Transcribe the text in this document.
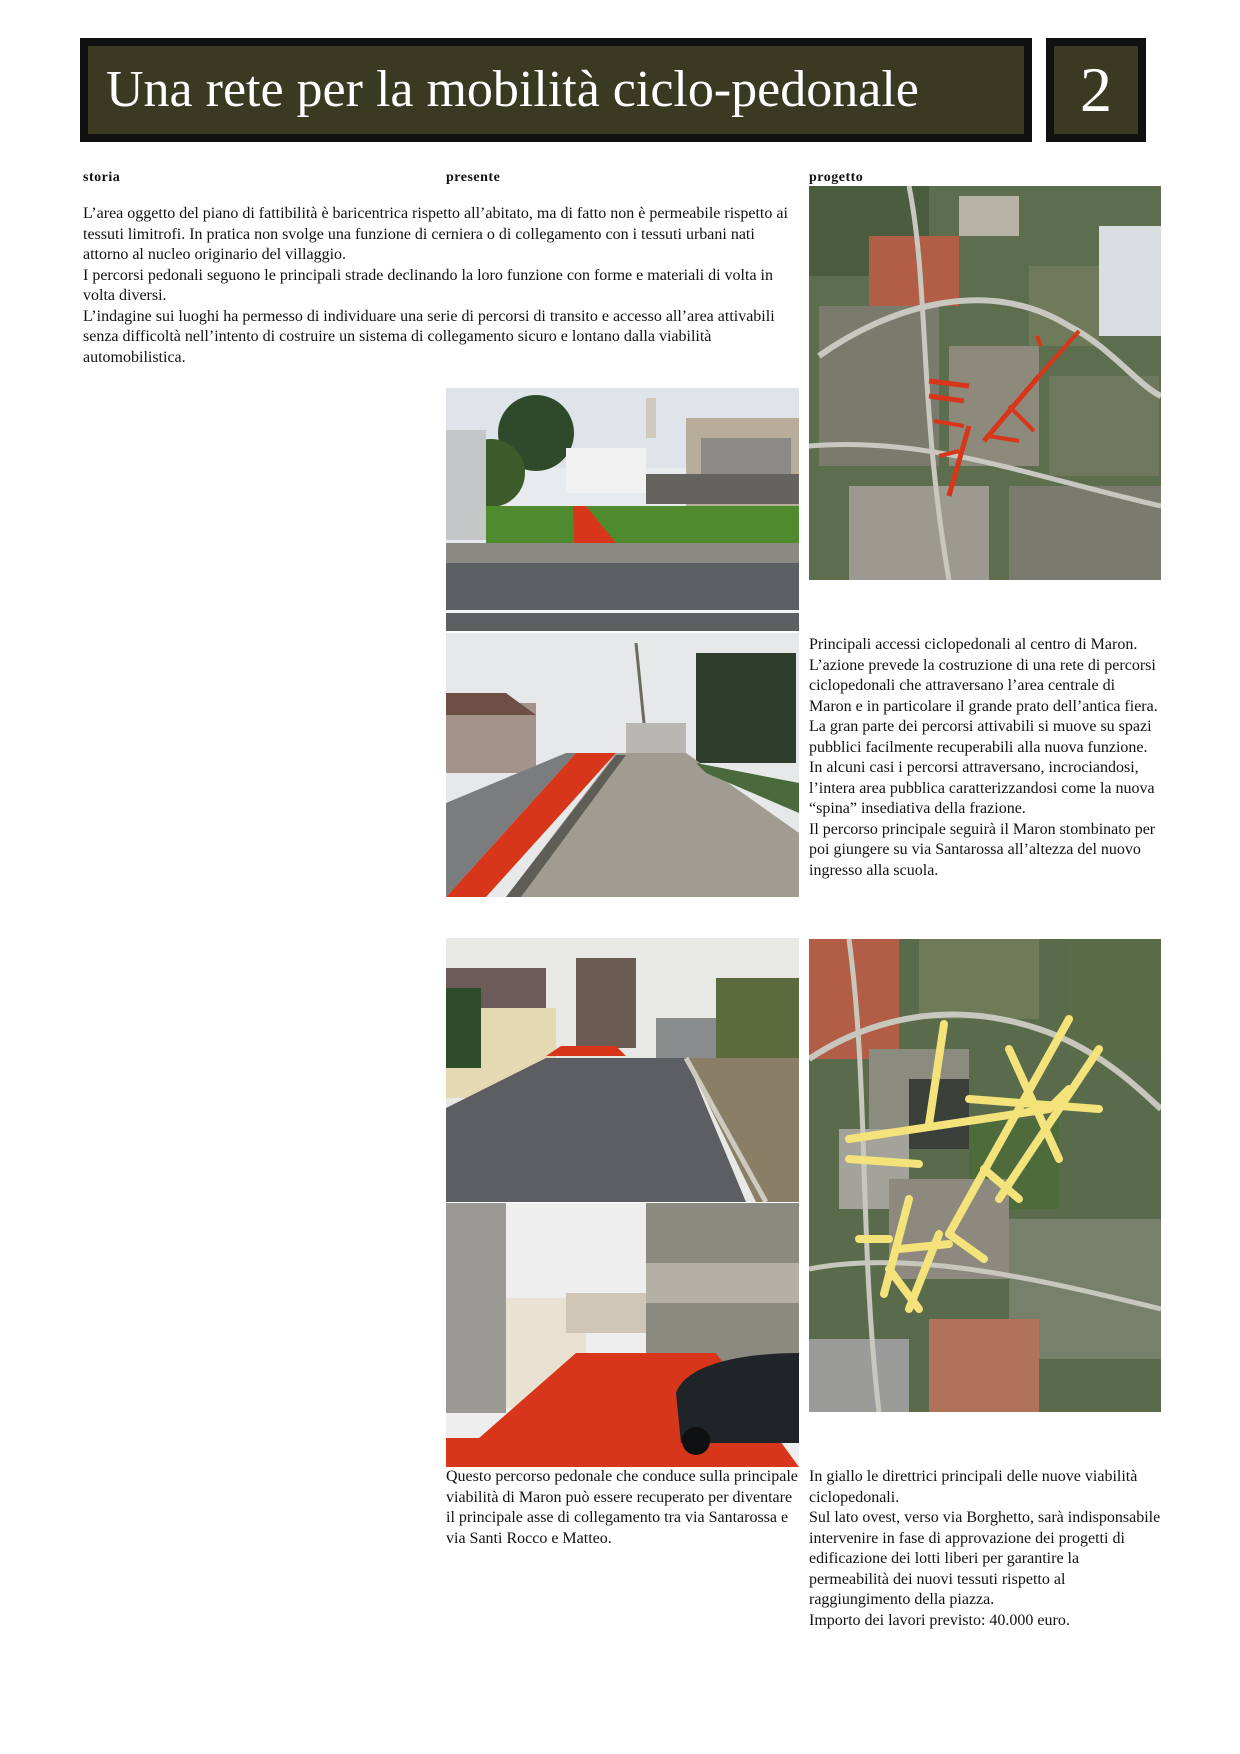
Una rete per la mobilità ciclo-pedonale	2
storia	presente	progetto

L’area oggetto del piano di fattibilità è baricentrica rispetto all’abitato, ma di fatto non è permeabile rispetto ai tessuti limitrofi. In pratica non svolge una funzione di cerniera o di collegamento con i tessuti urbani nati attorno al nucleo originario del villaggio.

I percorsi pedonali seguono le principali strade declinando la loro funzione con forme e materiali di volta in volta diversi.

L’indagine sui luoghi ha permesso di individuare una serie di percorsi di transito e accesso all’area attivabili senza difficoltà nell’intento di costruire un sistema di collegamento sicuro e lontano dalla viabilità automobilistica.

Questo percorso pedonale che conduce sulla principale viabilità di Maron può essere recuperato per diventare il principale asse di collegamento tra via Santarossa e via Santi Rocco e Matteo.

Principali accessi ciclopedonali al centro di Maron.

L’azione prevede la costruzione di una rete di percorsi ciclopedonali che attraversano l’area centrale di Maron e in particolare il grande prato dell’antica fiera.

La gran parte dei percorsi attivabili si muove su spazi pubblici facilmente recuperabili alla nuova funzione. In alcuni casi i percorsi attraversano, incrociandosi, l’intera area pubblica caratterizzandosi come la nuova “spina” insediativa della frazione.

Il percorso principale seguirà il Maron stombinato per poi giungere su via Santarossa all’altezza del nuovo ingresso alla scuola.

In giallo le direttrici principali delle nuove viabilità ciclopedonali.

Sul lato ovest, verso via Borghetto, sarà indisponsabile intervenire in fase di approvazione dei progetti di edificazione dei lotti liberi per garantire la permeabilità dei nuovi tessuti rispetto al raggiungimento della piazza.

Importo dei lavori previsto: 40.000 euro.
